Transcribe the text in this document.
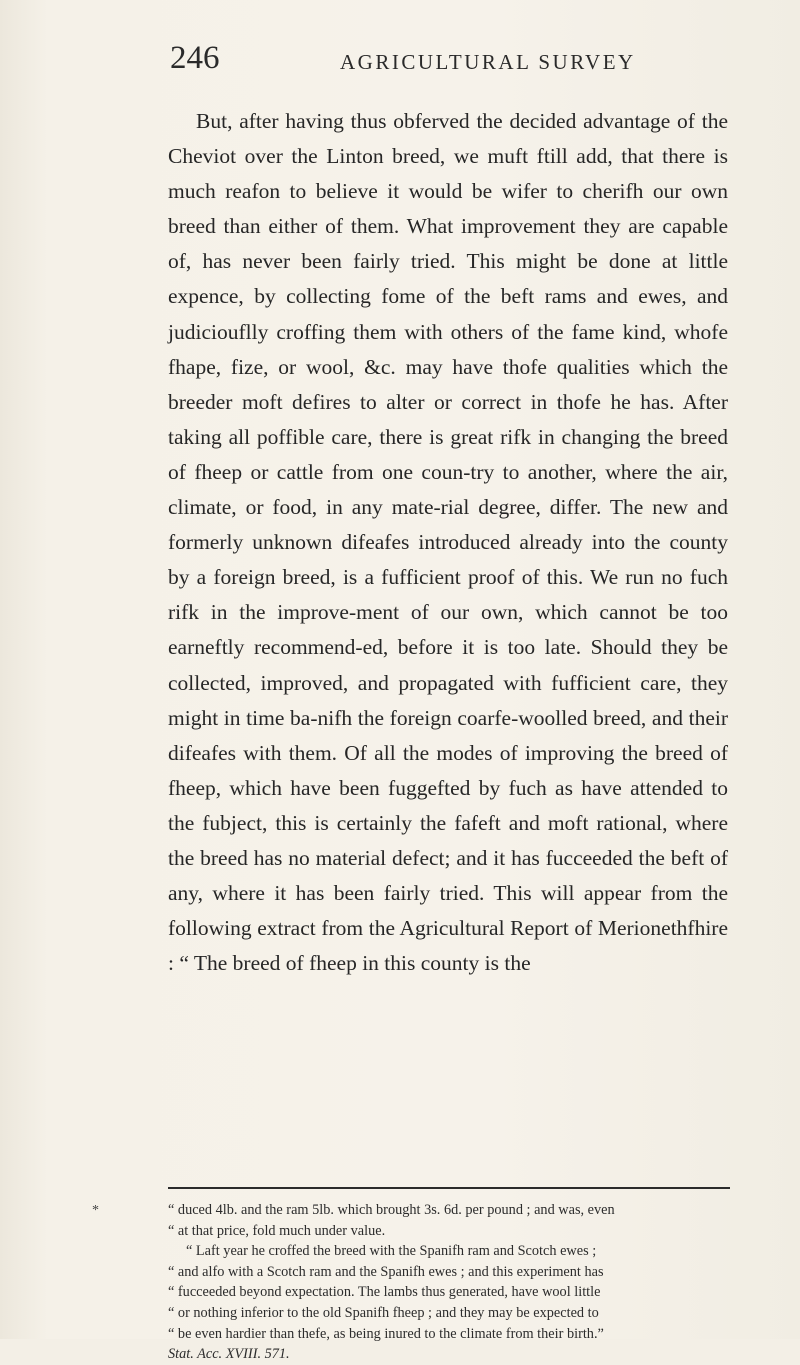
246	AGRICULTURAL SURVEY

But, after having thus obferved the decided advantage of the Cheviot over the Linton breed, we muft ftill add, that there is much reafon to believe it would be wifer to cherifh our own breed than either of them. What improvement they are capable of, has never been fairly tried. This might be done at little expence, by collecting fome of the beft rams and ewes, and judiciouflly croffing them with others of the fame kind, whofe fhape, fize, or wool, &c. may have thofe qualities which the breeder moft defires to alter or correct in thofe he has. After taking all poffible care, there is great rifk in changing the breed of fheep or cattle from one coun-try to another, where the air, climate, or food, in any mate-rial degree, differ. The new and formerly unknown difeafes introduced already into the county by a foreign breed, is a fufficient proof of this. We run no fuch rifk in the improve-ment of our own, which cannot be too earneftly recommend-ed, before it is too late. Should they be collected, improved, and propagated with fufficient care, they might in time ba-nifh the foreign coarfe-woolled breed, and their difeafes with them. Of all the modes of improving the breed of fheep, which have been fuggefted by fuch as have attended to the fubject, this is certainly the fafeft and moft rational, where the breed has no material defect; and it has fucceeded the beft of any, where it has been fairly tried. This will appear from the following extract from the Agricultural Report of Merionethfhire : “ The breed of fheep in this county is the

*	“ duced 4lb. and the ram 5lb. which brought 3s. 6d. per pound ; and was, even
“ at that price, fold much under value.
“ Laft year he croffed the breed with the Spanifh ram and Scotch ewes ;
“ and alfo with a Scotch ram and the Spanifh ewes ; and this experiment has
“ fucceeded beyond expectation. The lambs thus generated, have wool little
“ or nothing inferior to the old Spanifh fheep ; and they may be expected to
“ be even hardier than thefe, as being inured to the climate from their birth.”
Stat. Acc. XVIII. 571.
